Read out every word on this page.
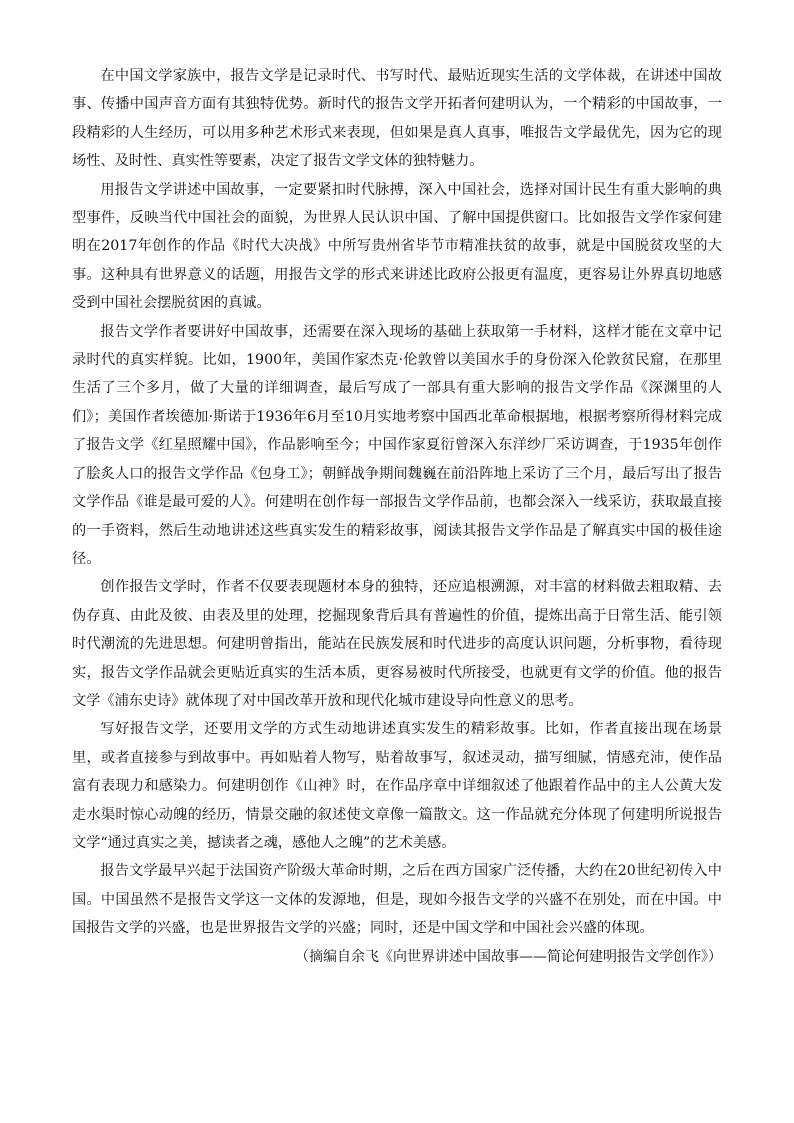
在中国文学家族中，报告文学是记录时代、书写时代、最贴近现实生活的文学体裁，在讲述中国故事、传播中国声音方面有其独特优势。新时代的报告文学开拓者何建明认为，一个精彩的中国故事，一段精彩的人生经历，可以用多种艺术形式来表现，但如果是真人真事，唯报告文学最优先，因为它的现场性、及时性、真实性等要素，决定了报告文学文体的独特魅力。

用报告文学讲述中国故事，一定要紧扣时代脉搏，深入中国社会，选择对国计民生有重大影响的典型事件，反映当代中国社会的面貌，为世界人民认识中国、了解中国提供窗口。比如报告文学作家何建明在2017年创作的作品《时代大决战》中所写贵州省毕节市精准扶贫的故事，就是中国脱贫攻坚的大事。这种具有世界意义的话题，用报告文学的形式来讲述比政府公报更有温度，更容易让外界真切地感受到中国社会摆脱贫困的真诚。

报告文学作者要讲好中国故事，还需要在深入现场的基础上获取第一手材料，这样才能在文章中记录时代的真实样貌。比如，1900年，美国作家杰克·伦敦曾以美国水手的身份深入伦敦贫民窟，在那里生活了三个多月，做了大量的详细调查，最后写成了一部具有重大影响的报告文学作品《深渊里的人们》；美国作者埃德加·斯诺于1936年6月至10月实地考察中国西北革命根据地，根据考察所得材料完成了报告文学《红星照耀中国》，作品影响至今；中国作家夏衍曾深入东洋纱厂采访调查，于1935年创作了脍炙人口的报告文学作品《包身工》；朝鲜战争期间魏巍在前沿阵地上采访了三个月，最后写出了报告文学作品《谁是最可爱的人》。何建明在创作每一部报告文学作品前，也都会深入一线采访，获取最直接的一手资料，然后生动地讲述这些真实发生的精彩故事，阅读其报告文学作品是了解真实中国的极佳途径。

创作报告文学时，作者不仅要表现题材本身的独特，还应追根溯源，对丰富的材料做去粗取精、去伪存真、由此及彼、由表及里的处理，挖掘现象背后具有普遍性的价值，提炼出高于日常生活、能引领时代潮流的先进思想。何建明曾指出，能站在民族发展和时代进步的高度认识问题，分析事物，看待现实，报告文学作品就会更贴近真实的生活本质，更容易被时代所接受，也就更有文学的价值。他的报告文学《浦东史诗》就体现了对中国改革开放和现代化城市建设导向性意义的思考。

写好报告文学，还要用文学的方式生动地讲述真实发生的精彩故事。比如，作者直接出现在场景里，或者直接参与到故事中。再如贴着人物写，贴着故事写，叙述灵动，描写细腻，情感充沛，使作品富有表现力和感染力。何建明创作《山神》时，在作品序章中详细叙述了他跟着作品中的主人公黄大发走水渠时惊心动魄的经历，情景交融的叙述使文章像一篇散文。这一作品就充分体现了何建明所说报告文学“通过真实之美，撼读者之魂，感他人之魄”的艺术美感。

报告文学最早兴起于法国资产阶级大革命时期，之后在西方国家广泛传播，大约在20世纪初传入中国。中国虽然不是报告文学这一文体的发源地，但是，现如今报告文学的兴盛不在别处，而在中国。中国报告文学的兴盛，也是世界报告文学的兴盛；同时，还是中国文学和中国社会兴盛的体现。

（摘编自余飞《向世界讲述中国故事——简论何建明报告文学创作》）
